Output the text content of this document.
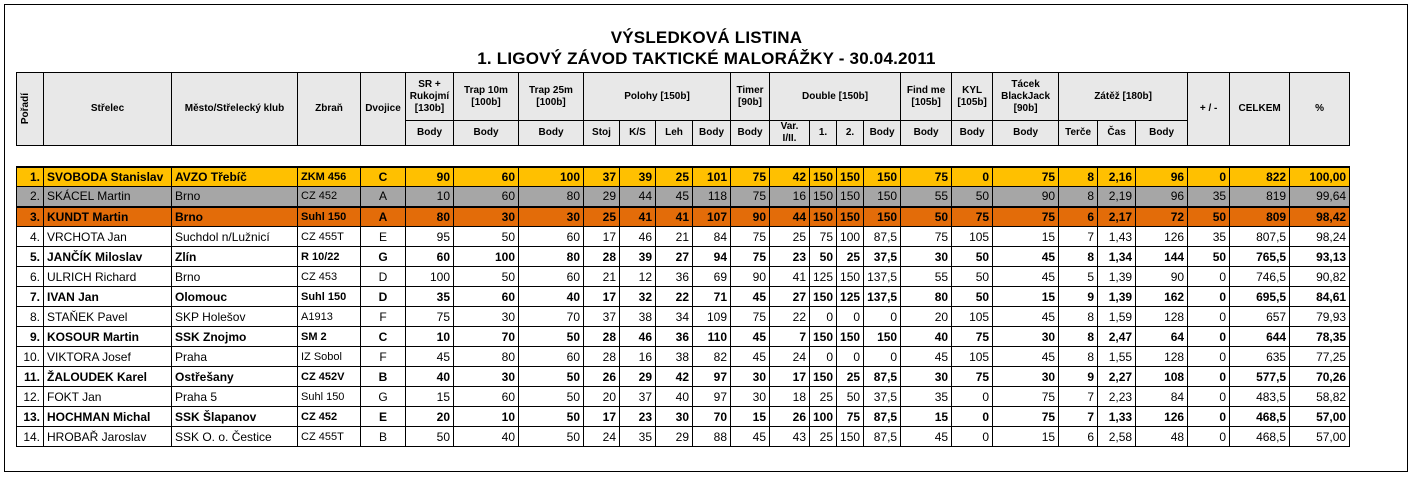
VÝSLEDKOVÁ LISTINA
1. LIGOVÝ ZÁVOD TAKTICKÉ MALORÁŽKY - 30.04.2011
Pořadí	Střelec	Město/Střelecký klub	Zbraň	Dvojice	SR + Rukojmí [130b]	Trap 10m [100b]	Trap 25m [100b]	Polohy [150b]				Timer [90b]	Double [150b]				Find me [105b]	KYL [105b]	Tácek BlackJack [90b]	Zátěž [180b]			+ / -	CELKEM	%
					Body	Body	Body	Stoj	K/S	Leh	Body	Body	Var. I/II.	1.	2.	Body	Body	Body	Body	Terče	Čas	Body			

1.	SVOBODA Stanislav	AVZO Třebíč	ZKM 456	C	90	60	100	37	39	25	101	75	42	150	150	150	75	0	75	8	2,16	96	0	822	100,00
2.	SKÁCEL Martin	Brno	CZ 452	A	10	60	80	29	44	45	118	75	16	150	150	150	55	50	90	8	2,19	96	35	819	99,64
3.	KUNDT Martin	Brno	Suhl 150	A	80	30	30	25	41	41	107	90	44	150	150	150	50	75	75	6	2,17	72	50	809	98,42
4.	VRCHOTA Jan	Suchdol n/Lužnicí	CZ 455T	E	95	50	60	17	46	21	84	75	25	75	100	87,5	75	105	15	7	1,43	126	35	807,5	98,24
5.	JANČÍK Miloslav	Zlín	R 10/22	G	60	100	80	28	39	27	94	75	23	50	25	37,5	30	50	45	8	1,34	144	50	765,5	93,13
6.	ULRICH Richard	Brno	CZ 453	D	100	50	60	21	12	36	69	90	41	125	150	137,5	55	50	45	5	1,39	90	0	746,5	90,82
7.	IVAN Jan	Olomouc	Suhl 150	D	35	60	40	17	32	22	71	45	27	150	125	137,5	80	50	15	9	1,39	162	0	695,5	84,61
8.	STAŇEK Pavel	SKP Holešov	A1913	F	75	30	70	37	38	34	109	75	22	0	0	0	20	105	45	8	1,59	128	0	657	79,93
9.	KOSOUR Martin	SSK Znojmo	SM 2	C	10	70	50	28	46	36	110	45	7	150	150	150	40	75	30	8	2,47	64	0	644	78,35
10.	VIKTORA Josef	Praha	IZ Sobol	F	45	80	60	28	16	38	82	45	24	0	0	0	45	105	45	8	1,55	128	0	635	77,25
11.	ŽALOUDEK Karel	Ostřešany	CZ 452V	B	40	30	50	26	29	42	97	30	17	150	25	87,5	30	75	30	9	2,27	108	0	577,5	70,26
12.	FOKT Jan	Praha 5	Suhl 150	G	15	60	50	20	37	40	97	30	18	25	50	37,5	35	0	75	7	2,23	84	0	483,5	58,82
13.	HOCHMAN Michal	SSK Šlapanov	CZ 452	E	20	10	50	17	23	30	70	15	26	100	75	87,5	15	0	75	7	1,33	126	0	468,5	57,00
14.	HROBAŘ Jaroslav	SSK O. o. Čestice	CZ 455T	B	50	40	50	24	35	29	88	45	43	25	150	87,5	45	0	15	6	2,58	48	0	468,5	57,00
